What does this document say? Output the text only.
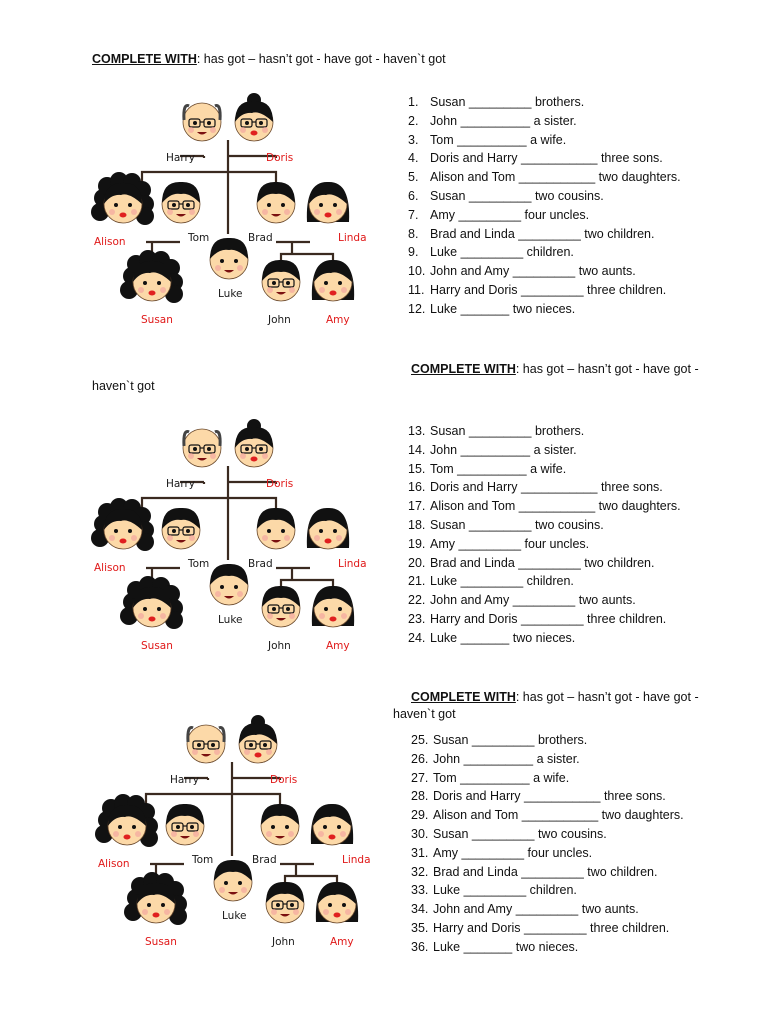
COMPLETE WITH: has got – hasn’t got - have got - haven`t got
Harry	Doris
Alison	Tom	Brad	Linda
Susan
Luke
John	Amy
1. Susan _________ brothers.
2. John __________ a sister.
3. Tom __________ a wife.
4. Doris and Harry ___________ three sons.
5. Alison and Tom ___________ two daughters.
6. Susan _________ two cousins.
7. Amy _________ four uncles.
8. Brad and Linda _________ two children.
9. Luke _________ children.
10. John and Amy _________ two aunts.
11. Harry and Doris _________ three children.
12. Luke _______ two nieces.
COMPLETE WITH: has got – hasn’t got - have got -
haven`t got
Harry	Doris
Alison	Tom	Brad	Linda
Susan
Luke
John	Amy
13. Susan _________ brothers.
14. John __________ a sister.
15. Tom __________ a wife.
16. Doris and Harry ___________ three sons.
17. Alison and Tom ___________ two daughters.
18. Susan _________ two cousins.
19. Amy _________ four uncles.
20. Brad and Linda _________ two children.
21. Luke _________ children.
22. John and Amy _________ two aunts.
23. Harry and Doris _________ three children.
24. Luke _______ two nieces.
COMPLETE WITH: has got – hasn’t got - have got -
haven`t got
Harry	Doris
Alison	Tom	Brad	Linda
Susan
Luke
John	Amy
25. Susan _________ brothers.
26. John __________ a sister.
27. Tom __________ a wife.
28. Doris and Harry ___________ three sons.
29. Alison and Tom ___________ two daughters.
30. Susan _________ two cousins.
31. Amy _________ four uncles.
32. Brad and Linda _________ two children.
33. Luke _________ children.
34. John and Amy _________ two aunts.
35. Harry and Doris _________ three children.
36. Luke _______ two nieces.
